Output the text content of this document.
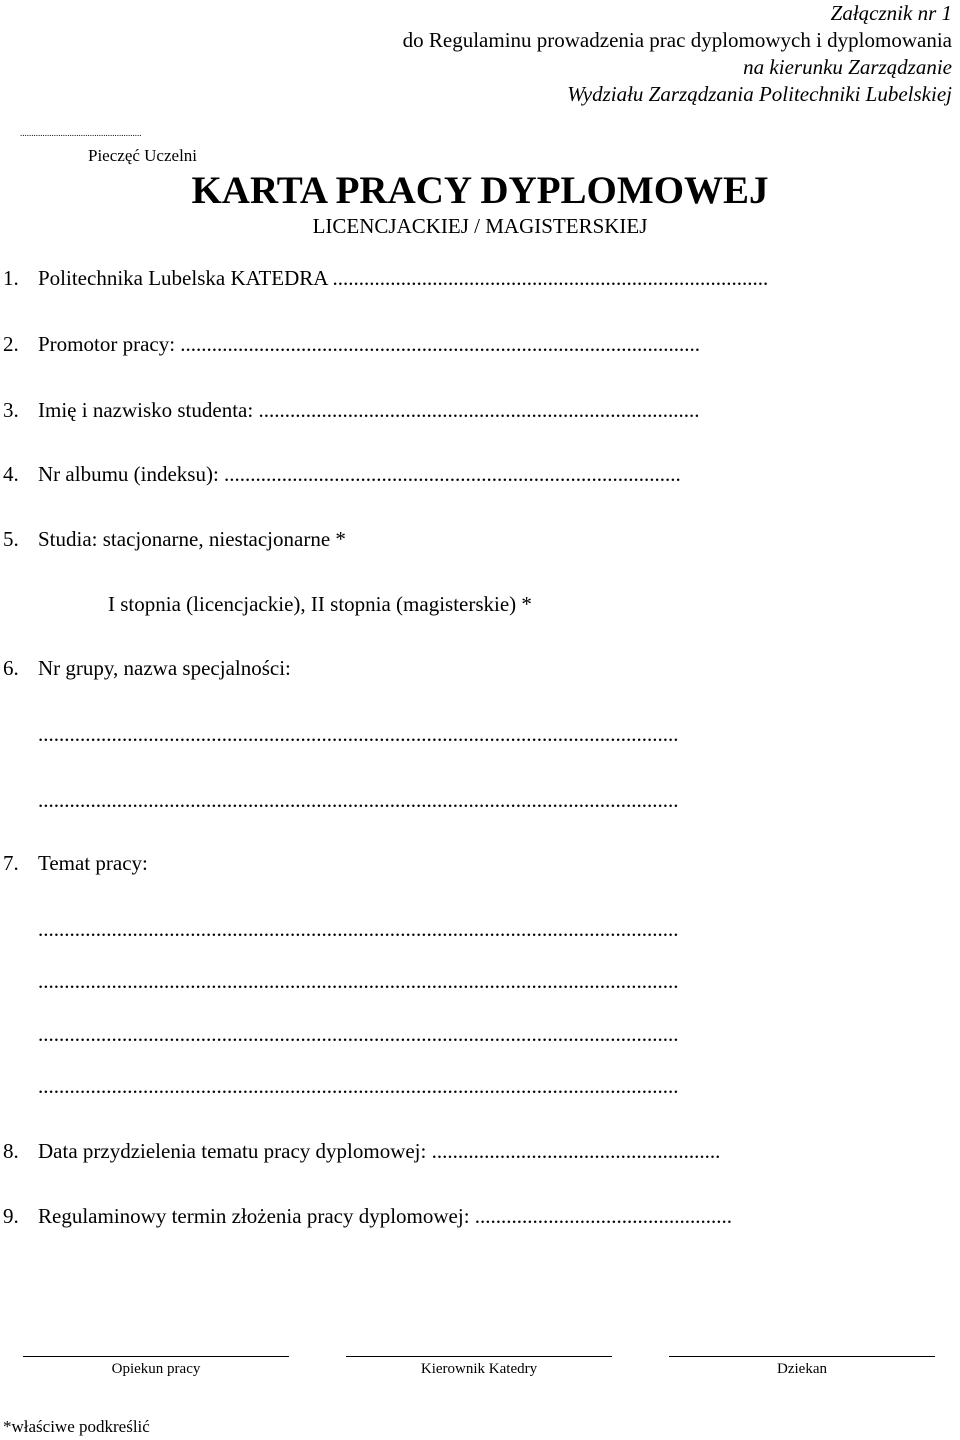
Załącznik nr 1
do Regulaminu prowadzenia prac dyplomowych i dyplomowania
na kierunku Zarządzanie
Wydziału Zarządzania Politechniki Lubelskiej
......................................................
Pieczęć Uczelni
KARTA PRACY DYPLOMOWEJ
LICENCJACKIEJ / MAGISTERSKIEJ
1. Politechnika Lubelska KATEDRA ...................................................................................
2. Promotor pracy: ...................................................................................................
3. Imię i nazwisko studenta: ....................................................................................
4. Nr albumu (indeksu): .......................................................................................
5. Studia: stacjonarne, niestacjonarne *
I stopnia (licencjackie), II stopnia (magisterskie) *
6. Nr grupy, nazwa specjalności:
..........................................................................................................................
..........................................................................................................................
7. Temat pracy:
..........................................................................................................................
..........................................................................................................................
..........................................................................................................................
..........................................................................................................................
8. Data przydzielenia tematu pracy dyplomowej: .......................................................
9. Regulaminowy termin złożenia pracy dyplomowej: .................................................
Opiekun pracy	Kierownik Katedry	Dziekan
*właściwe podkreślić
